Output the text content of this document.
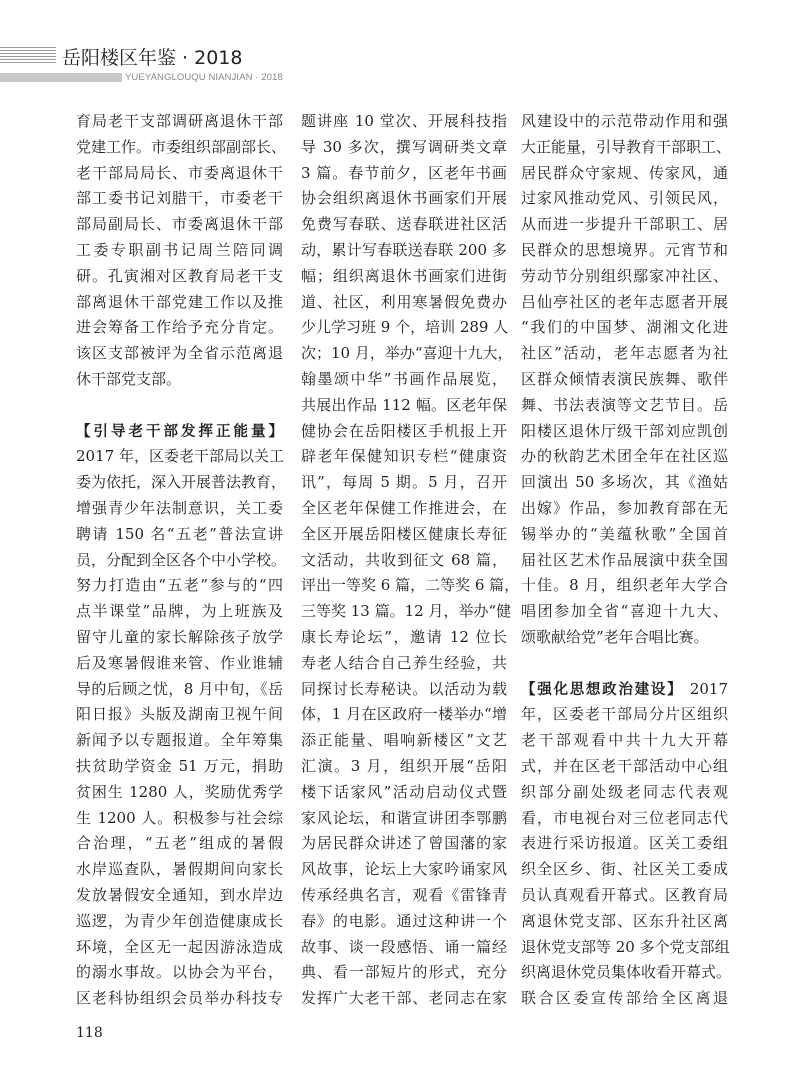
岳阳楼区年鉴 · 2018
YUEYANGLOUQU NIANJIAN · 2018
育局老干支部调研离退休干部
党建工作。市委组织部副部长、
老干部局局长、市委离退休干
部工委书记刘腊干，市委老干
部局副局长、市委离退休干部
工委专职副书记周兰陪同调
研。孔寅湘对区教育局老干支
部离退休干部党建工作以及推
进会筹备工作给予充分肯定。
该区支部被评为全省示范离退
休干部党支部。
【引导老干部发挥正能量】
2017 年，区委老干部局以关工
委为依托，深入开展普法教育，
增强青少年法制意识，关工委
聘请 150 名“五老”普法宣讲
员，分配到全区各个中小学校。
努力打造由“五老”参与的“四
点半课堂”品牌，为上班族及
留守儿童的家长解除孩子放学
后及寒暑假谁来管、作业谁辅
导的后顾之忧，8 月中旬，《岳
阳日报》头版及湖南卫视午间
新闻予以专题报道。全年筹集
扶贫助学资金 51 万元，捐助
贫困生 1280 人，奖励优秀学
生 1200 人。积极参与社会综
合治理，“五老”组成的暑假
水岸巡查队，暑假期间向家长
发放暑假安全通知，到水岸边
巡逻，为青少年创造健康成长
环境，全区无一起因游泳造成
的溺水事故。以协会为平台，
区老科协组织会员举办科技专
题讲座 10 堂次、开展科技指
导 30 多次，撰写调研类文章
3 篇。春节前夕，区老年书画
协会组织离退休书画家们开展
免费写春联、送春联进社区活
动，累计写春联送春联 200 多
幅；组织离退休书画家们进街
道、社区，利用寒暑假免费办
少儿学习班 9 个，培训 289 人
次；10 月，举办“喜迎十九大，
翰墨颂中华”书画作品展览，
共展出作品 112 幅。区老年保
健协会在岳阳楼区手机报上开
辟老年保健知识专栏“健康资
讯”，每周 5 期。5 月，召开
全区老年保健工作推进会，在
全区开展岳阳楼区健康长寿征
文活动，共收到征文 68 篇，
评出一等奖 6 篇，二等奖 6 篇，
三等奖 13 篇。12 月，举办“健
康长寿论坛”，邀请 12 位长
寿老人结合自己养生经验，共
同探讨长寿秘诀。以活动为载
体，1 月在区政府一楼举办“增
添正能量、唱响新楼区”文艺
汇演。3 月，组织开展“岳阳
楼下话家风”活动启动仪式暨
家风论坛，和谐宣讲团李鄂鹏
为居民群众讲述了曾国藩的家
风故事，论坛上大家吟诵家风
传承经典名言，观看《雷锋青
春》的电影。通过这种讲一个
故事、谈一段感悟、诵一篇经
典、看一部短片的形式，充分
发挥广大老干部、老同志在家
风建设中的示范带动作用和强
大正能量，引导教育干部职工、
居民群众守家规、传家风，通
过家风推动党风、引领民风，
从而进一步提升干部职工、居
民群众的思想境界。元宵节和
劳动节分别组织鄢家冲社区、
吕仙亭社区的老年志愿者开展
“我们的中国梦、湖湘文化进
社区”活动，老年志愿者为社
区群众倾情表演民族舞、歌伴
舞、书法表演等文艺节目。岳
阳楼区退休厅级干部刘应凯创
办的秋韵艺术团全年在社区巡
回演出 50 多场次，其《渔姑
出嫁》作品，参加教育部在无
锡举办的“美蕴秋歌”全国首
届社区艺术作品展演中获全国
十佳。8 月，组织老年大学合
唱团参加全省“喜迎十九大、
颂歌献给党”老年合唱比赛。
【强化思想政治建设】 2017
年，区委老干部局分片区组织
老干部观看中共十九大开幕
式，并在区老干部活动中心组
织部分副处级老同志代表观
看，市电视台对三位老同志代
表进行采访报道。区关工委组
织全区乡、街、社区关工委成
员认真观看开幕式。区教育局
离退休党支部、区东升社区离
退休党支部等 20 多个党支部组
织离退休党员集体收看开幕式。
联合区委宣传部给全区离退
118
